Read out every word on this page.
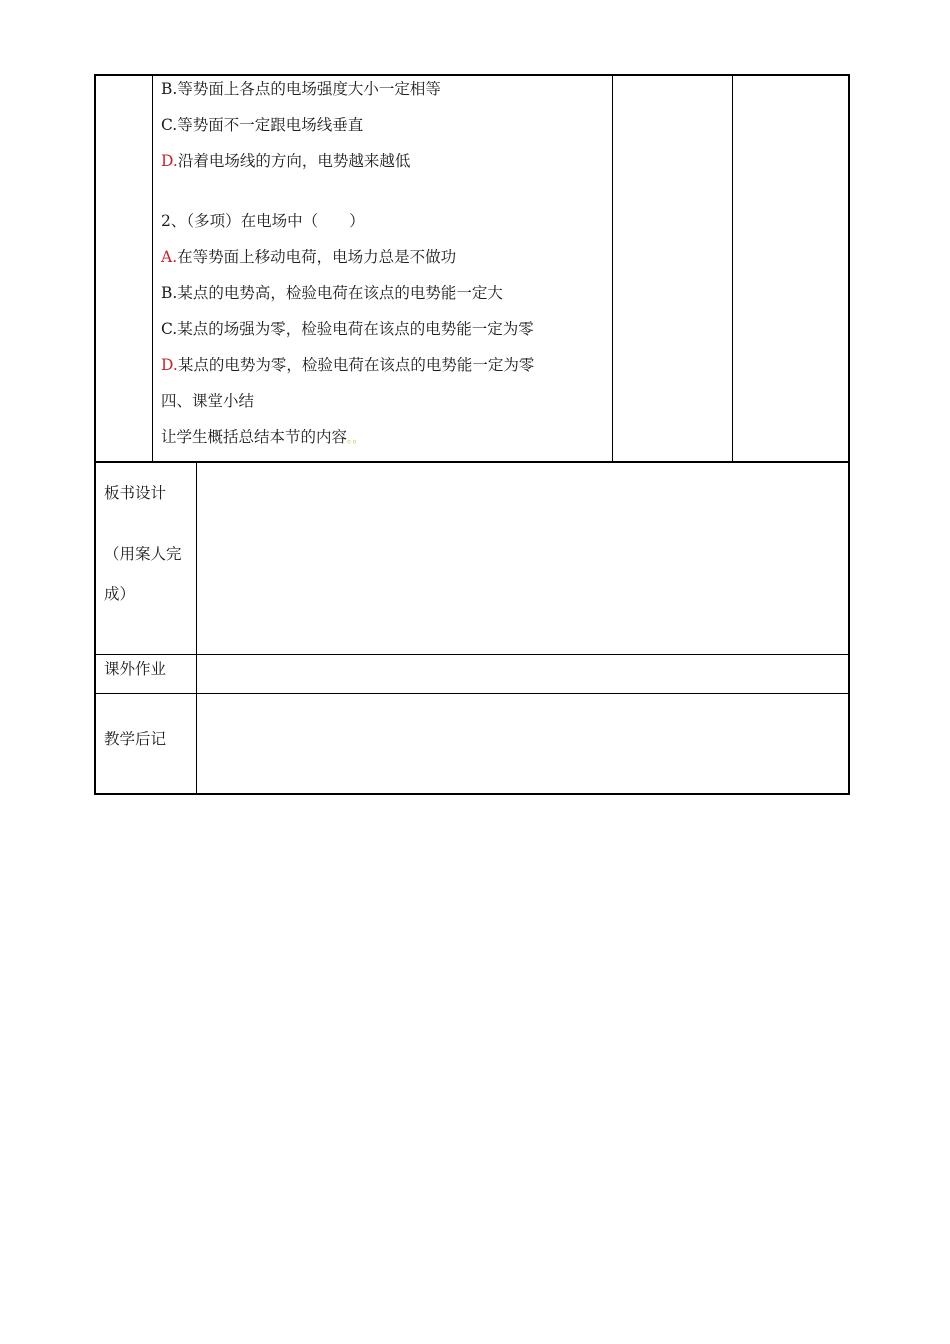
B.等势面上各点的电场强度大小一定相等
C.等势面不一定跟电场线垂直
D.沿着电场线的方向，电势越来越低
2、（多项）在电场中（　　）
A.在等势面上移动电荷，电场力总是不做功
B.某点的电势高，检验电荷在该点的电势能一定大
C.某点的场强为零，检验电荷在该点的电势能一定为零
D.某点的电势为零，检验电荷在该点的电势能一定为零
四、课堂小结
让学生概括总结本节的内容。。
板书设计
（用案人完
成）
课外作业
教学后记
